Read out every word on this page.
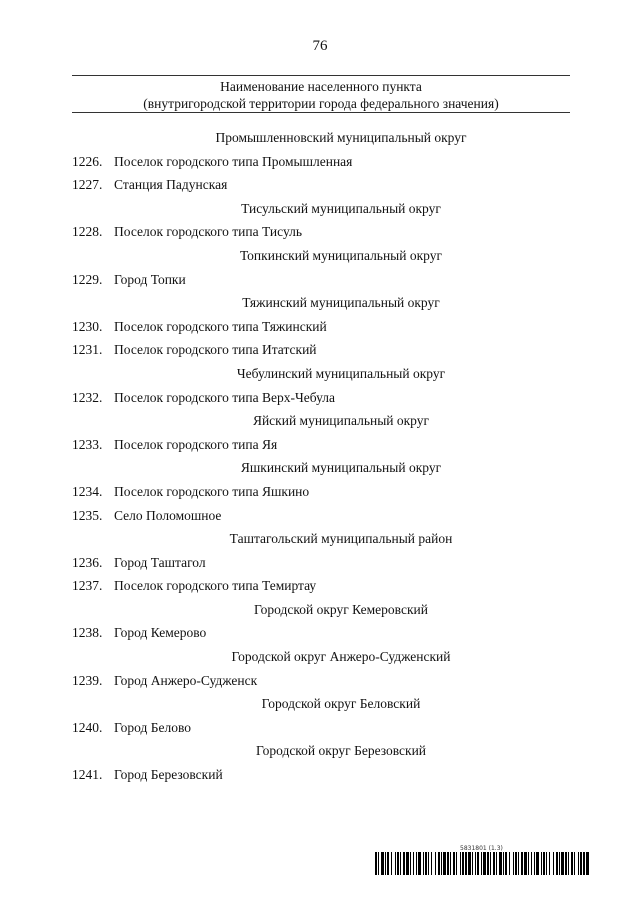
76
Наименование населенного пункта
(внутригородской территории города федерального значения)
Промышленновский муниципальный округ
1226. Поселок городского типа Промышленная
1227. Станция Падунская
Тисульский муниципальный округ
1228. Поселок городского типа Тисуль
Топкинский муниципальный округ
1229. Город Топки
Тяжинский муниципальный округ
1230. Поселок городского типа Тяжинский
1231. Поселок городского типа Итатский
Чебулинский муниципальный округ
1232. Поселок городского типа Верх-Чебула
Яйский муниципальный округ
1233. Поселок городского типа Яя
Яшкинский муниципальный округ
1234. Поселок городского типа Яшкино
1235. Село Поломошное
Таштагольский муниципальный район
1236. Город Таштагол
1237. Поселок городского типа Темиртау
Городской округ Кемеровский
1238. Город Кемерово
Городской округ Анжеро-Судженский
1239. Город Анжеро-Судженск
Городской округ Беловский
1240. Город Белово
Городской округ Березовский
1241. Город Березовский
5831801 (1.3)
